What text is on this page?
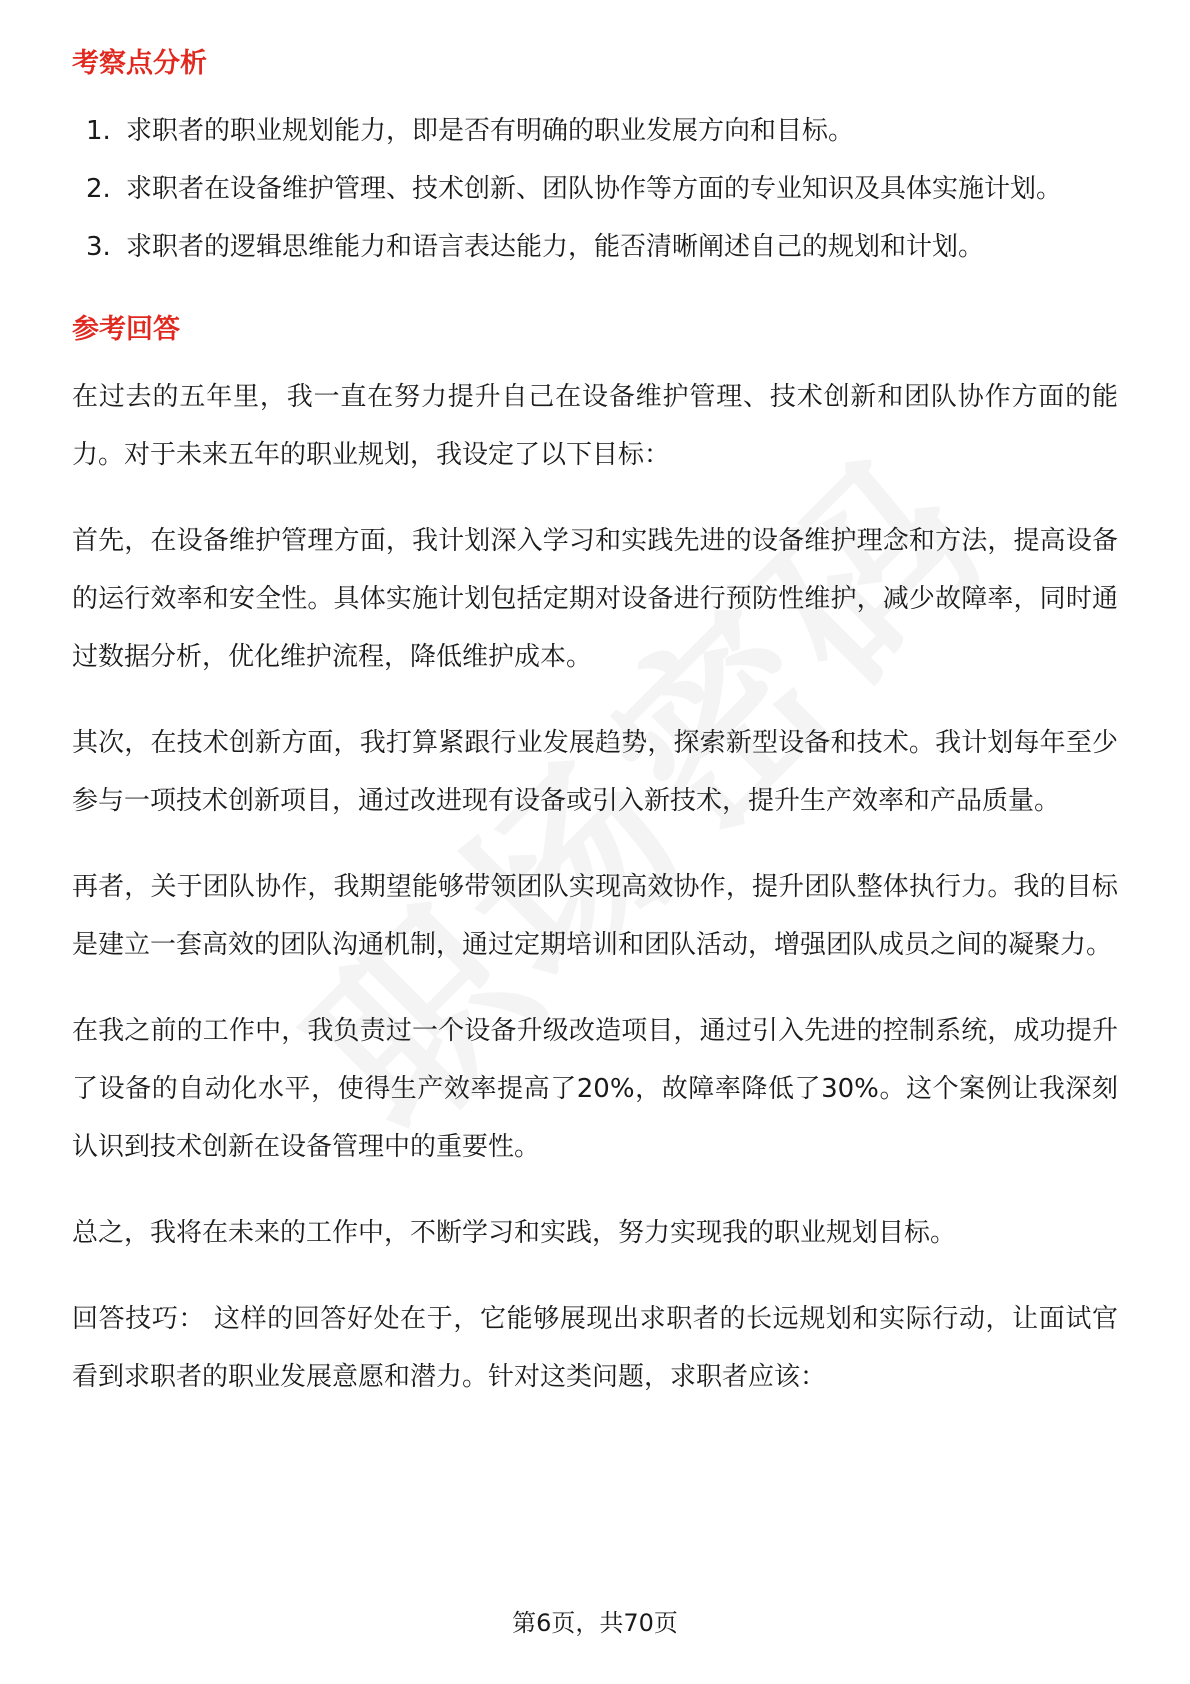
考察点分析
1. 求职者的职业规划能力，即是否有明确的职业发展方向和目标。
2. 求职者在设备维护管理、技术创新、团队协作等方面的专业知识及具体实施计划。
3. 求职者的逻辑思维能力和语言表达能力，能否清晰阐述自己的规划和计划。
参考回答

在过去的五年里，我一直在努力提升自己在设备维护管理、技术创新和团队协作方面的能力。对于未来五年的职业规划，我设定了以下目标：

首先，在设备维护管理方面，我计划深入学习和实践先进的设备维护理念和方法，提高设备的运行效率和安全性。具体实施计划包括定期对设备进行预防性维护，减少故障率，同时通过数据分析，优化维护流程，降低维护成本。

其次，在技术创新方面，我打算紧跟行业发展趋势，探索新型设备和技术。我计划每年至少参与一项技术创新项目，通过改进现有设备或引入新技术，提升生产效率和产品质量。

再者，关于团队协作，我期望能够带领团队实现高效协作，提升团队整体执行力。我的目标是建立一套高效的团队沟通机制，通过定期培训和团队活动，增强团队成员之间的凝聚力。

在我之前的工作中，我负责过一个设备升级改造项目，通过引入先进的控制系统，成功提升了设备的自动化水平，使得生产效率提高了20%，故障率降低了30%。这个案例让我深刻认识到技术创新在设备管理中的重要性。

总之，我将在未来的工作中，不断学习和实践，努力实现我的职业规划目标。

回答技巧： 这样的回答好处在于，它能够展现出求职者的长远规划和实际行动，让面试官看到求职者的职业发展意愿和潜力。针对这类问题，求职者应该：

第6页，共70页
